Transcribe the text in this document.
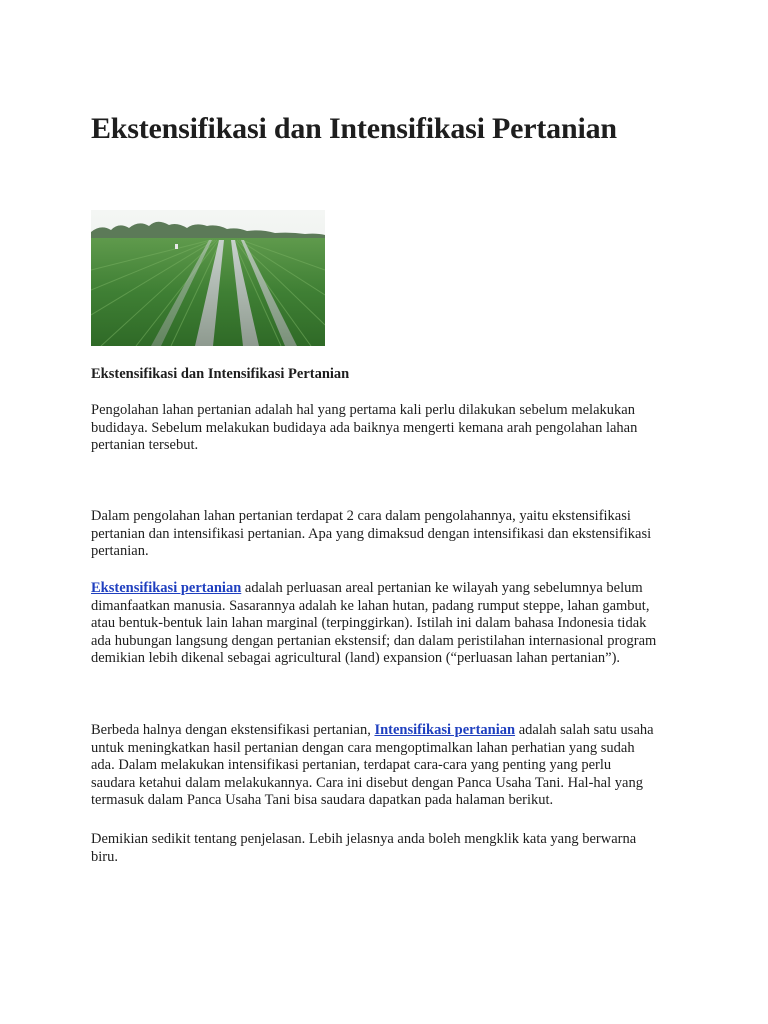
Ekstensifikasi dan Intensifikasi Pertanian

Ekstensifikasi dan Intensifikasi Pertanian

Pengolahan lahan pertanian adalah hal yang pertama kali perlu dilakukan sebelum melakukan
budidaya. Sebelum melakukan budidaya ada baiknya mengerti kemana arah pengolahan lahan
pertanian tersebut.

Dalam pengolahan lahan pertanian terdapat 2 cara dalam pengolahannya, yaitu ekstensifikasi
pertanian dan intensifikasi pertanian. Apa yang dimaksud dengan intensifikasi dan ekstensifikasi
pertanian.

Ekstensifikasi pertanian adalah perluasan areal pertanian ke wilayah yang sebelumnya belum
dimanfaatkan manusia. Sasarannya adalah ke lahan hutan, padang rumput steppe, lahan gambut,
atau bentuk-bentuk lain lahan marginal (terpinggirkan). Istilah ini dalam bahasa Indonesia tidak
ada hubungan langsung dengan pertanian ekstensif; dan dalam peristilahan internasional program
demikian lebih dikenal sebagai agricultural (land) expansion (“perluasan lahan pertanian”).

Berbeda halnya dengan ekstensifikasi pertanian, Intensifikasi pertanian adalah salah satu usaha
untuk meningkatkan hasil pertanian dengan cara mengoptimalkan lahan perhatian yang sudah
ada. Dalam melakukan intensifikasi pertanian, terdapat cara-cara yang penting yang perlu
saudara ketahui dalam melakukannya. Cara ini disebut dengan Panca Usaha Tani. Hal-hal yang
termasuk dalam Panca Usaha Tani bisa saudara dapatkan pada halaman berikut.

Demikian sedikit tentang penjelasan. Lebih jelasnya anda boleh mengklik kata yang berwarna
biru.
